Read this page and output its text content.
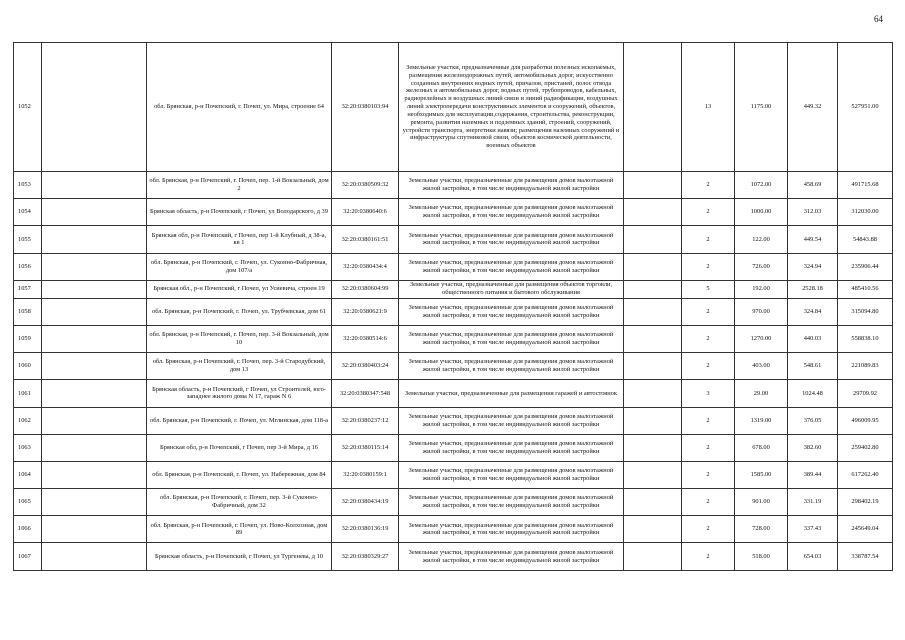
64
1052		обл. Брянская, р-н Почепский, г. Почеп, ул. Мира, строение 64	32:20:0380103:94	Земельные участки, предназначенные для разработки полезных ископаемых, размещения железнодорожных путей, автомобильных дорог, искусственно созданных внутренних водных путей, причалов, пристаней, полос отвода железных и автомобильных дорог, водных путей, трубопроводов, кабельных, радиорелейных и воздушных линий связи и линий радиофикации, воздушных линий электропередачи конструктивных элементов и сооружений, объектов, необходимых для эксплуатации,содержания, строительства, реконструкции, ремонта, развития наземных и подземных зданий, строений, сооружений, устройств транспорта, энергетики иавязи; размещения наземных сооружений и инфраструктуры спутниковой связи, объектов космической деятельности, военных объектов		13	1175.00	449.32	527951.00
1053		обл. Брянская, р-н Почепский, г. Почеп, пер. 1-й Вокзальный, дом 2	32:20:0380509:32	Земельные участки, предназначенные для размещения домов малоэтажной жилой застройки, в том числе индивидуальной жилой застройки		2	1072.00	458.69	491715.68
1054		Брянская область, р-н Почепский, г Почеп, ул Володарского, д 39	32:20:0380640:6	Земельные участки, предназначенные для размещения домов малоэтажной жилой застройки, в том числе индивидуальной жилой застройки		2	1000.00	312.03	312030.00
1055		Брянская обл, р-н Почепский, г Почеп, пер 1-й Клубный, д 38-а, кв 1	32:20:0380161:51	Земельные участки, предназначенные для размещения домов малоэтажной жилой застройки, в том числе индивидуальной жилой застройки		2	122.00	449.54	54843.88
1056		обл. Брянская, р-н Почепский, г. Почеп, ул. Суконно-Фабричная, дом 107/а	32:20:0380434:4	Земельные участки, предназначенные для размещения домов малоэтажной жилой застройки, в том числе индивидуальной жилой застройки		2	726.00	324.94	235906.44
1057		Брянская обл., р-н Почепский, г Почеп, ул Усиевича, строен 19	32:20:0380604:99	Земельные участки, предназначенные для размещения объектов торговли, общественного питания и бытового обслуживания		5	192.00	2528.18	485410.56
1058		обл. Брянская, р-н Почепский, г. Почеп, ул. Трубчевская, дом 61	32:20:0380621:9	Земельные участки, предназначенные для размещения домов малоэтажной жилой застройки, в том числе индивидуальной жилой застройки		2	970.00	324.84	315094.80
1059		обл. Брянская, р-н Почепский, г. Почеп, пер. 3-й Вокзальный, дом 10	32:20:0380514:6	Земельные участки, предназначенные для размещения домов малоэтажной жилой застройки, в том числе индивидуальной жилой застройки		2	1270.00	440.03	558838.10
1060		обл. Брянская, р-н Почепский, г. Почеп, пер. 3-й Стародубский, дом 13	32:20:0380403:24	Земельные участки, предназначенные для размещения домов малоэтажной жилой застройки, в том числе индивидуальной жилой застройки		2	403.00	548.61	221089.83
1061		Брянская область, р-н Почепский, г Почеп, ул Строителей, юго-западнее жилого дома N 17, гараж N 6	32:20:0380347:548	Земельные участки, предназначенные для размещения гаражей и автостоянок		3	29.00	1024.48	29709.92
1062		обл. Брянская, р-н Почепский, г. Почеп, ул. Мглинская, дом 118-а	32:20:0380237:12	Земельные участки, предназначенные для размещения домов малоэтажной жилой застройки, в том числе индивидуальной жилой застройки		2	1319.00	376.05	496009.95
1063		Брянская обл, р-н Почепский, г Почеп, пер 3-й Мира, д 16	32:20:0380115:14	Земельные участки, предназначенные для размещения домов малоэтажной жилой застройки, в том числе индивидуальной жилой застройки		2	678.00	382.60	259402.80
1064		обл. Брянская, р-н Почепский, г. Почеп, ул. Набережная, дом 84	32:20:0380159:1	Земельные участки, предназначенные для размещения домов малоэтажной жилой застройки, в том числе индивидуальной жилой застройки		2	1585.00	389.44	617262.40
1065		обл. Брянская, р-н Почепский, г. Почеп, пер. 3-й Суконно-Фабричный, дом 32	32:20:0380434:19	Земельные участки, предназначенные для размещения домов малоэтажной жилой застройки, в том числе индивидуальной жилой застройки		2	901.00	331.19	298402.19
1066		обл. Брянская, р-н Почепский, г. Почеп, ул. Ново-Колхозная, дом 89	32:20:0380136:19	Земельные участки, предназначенные для размещения домов малоэтажной жилой застройки, в том числе индивидуальной жилой застройки		2	728.00	337.43	245649.04
1067		Брянская область, р-н Почепский, г Почеп, ул Тургенева, д 10	32:20:0380329:27	Земельные участки, предназначенные для размещения домов малоэтажной жилой застройки, в том числе индивидуальной жилой застройки		2	518.00	654.03	338787.54
